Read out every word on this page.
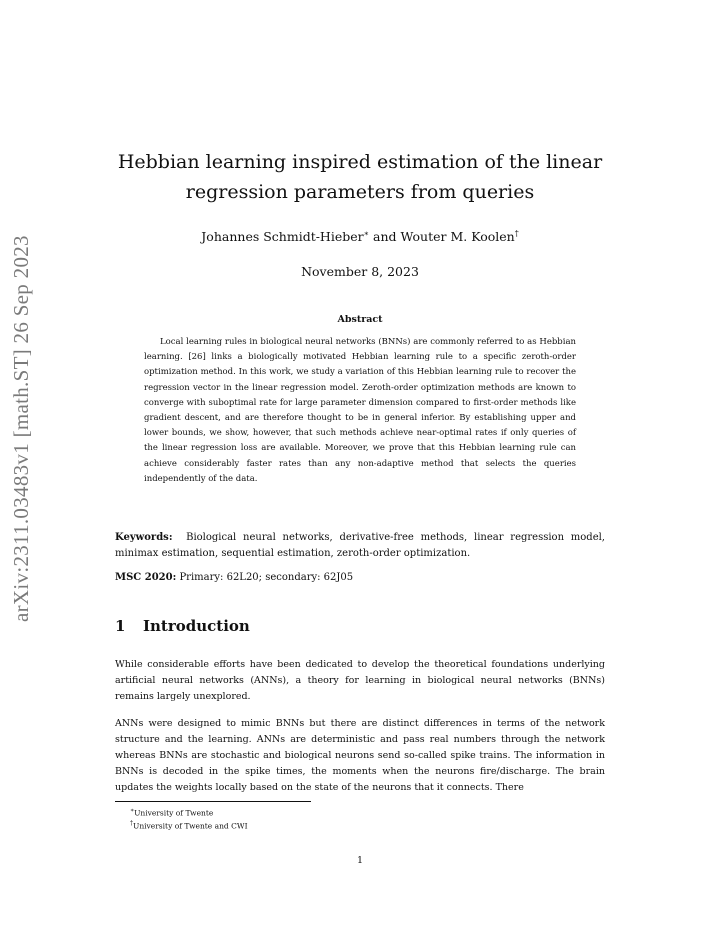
arXiv:2311.03483v1 [math.ST] 26 Sep 2023
Hebbian learning inspired estimation of the linear regression parameters from queries
Johannes Schmidt-Hieber∗ and Wouter M. Koolen†
November 8, 2023
Abstract

Local learning rules in biological neural networks (BNNs) are commonly referred to as Hebbian learning. [26] links a biologically motivated Hebbian learning rule to a specific zeroth-order optimization method. In this work, we study a variation of this Hebbian learning rule to recover the regression vector in the linear regression model. Zeroth-order optimization methods are known to converge with suboptimal rate for large parameter dimension compared to first-order methods like gradient descent, and are therefore thought to be in general inferior. By establishing upper and lower bounds, we show, however, that such methods achieve near-optimal rates if only queries of the linear regression loss are available. Moreover, we prove that this Hebbian learning rule can achieve considerably faster rates than any non-adaptive method that selects the queries independently of the data.

Keywords: Biological neural networks, derivative-free methods, linear regression model, minimax estimation, sequential estimation, zeroth-order optimization.

MSC 2020: Primary: 62L20; secondary: 62J05

1 Introduction

While considerable efforts have been dedicated to develop the theoretical foundations underlying artificial neural networks (ANNs), a theory for learning in biological neural networks (BNNs) remains largely unexplored.

ANNs were designed to mimic BNNs but there are distinct differences in terms of the network structure and the learning. ANNs are deterministic and pass real numbers through the network whereas BNNs are stochastic and biological neurons send so-called spike trains. The information in BNNs is decoded in the spike times, the moments when the neurons fire/discharge. The brain updates the weights locally based on the state of the neurons that it connects. There

∗University of Twente
†University of Twente and CWI
1
